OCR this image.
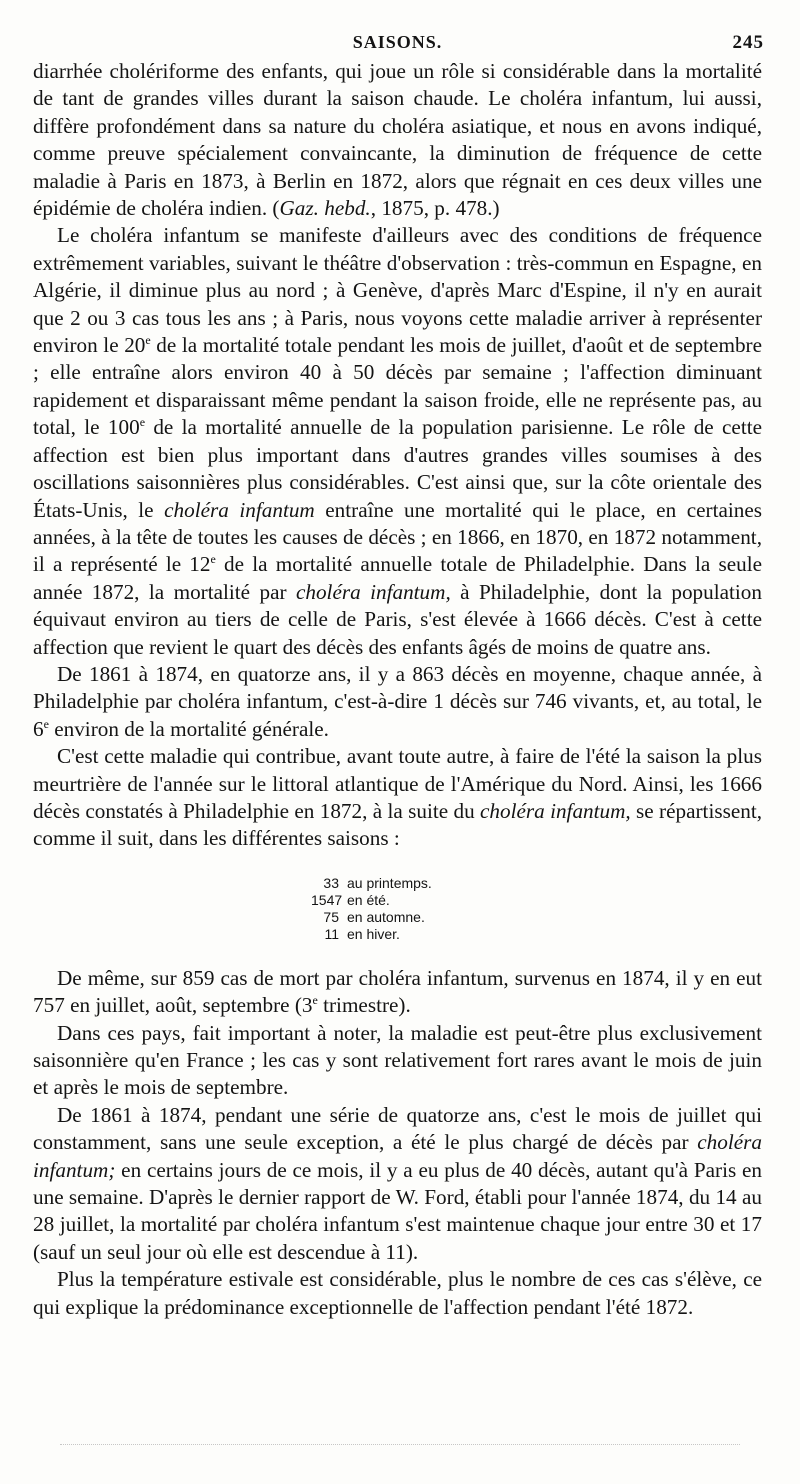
SAISONS.	245

diarrhée cholériforme des enfants, qui joue un rôle si considérable dans la mortalité de tant de grandes villes durant la saison chaude. Le choléra infantum, lui aussi, diffère profondément dans sa nature du choléra asiatique, et nous en avons indiqué, comme preuve spécialement convaincante, la diminution de fréquence de cette maladie à Paris en 1873, à Berlin en 1872, alors que régnait en ces deux villes une épidémie de choléra indien. (Gaz. hebd., 1875, p. 478.)

Le choléra infantum se manifeste d'ailleurs avec des conditions de fréquence extrêmement variables, suivant le théâtre d'observation : très-commun en Espagne, en Algérie, il diminue plus au nord ; à Genève, d'après Marc d'Espine, il n'y en aurait que 2 ou 3 cas tous les ans ; à Paris, nous voyons cette maladie arriver à représenter environ le 20e de la mortalité totale pendant les mois de juillet, d'août et de septembre ; elle entraîne alors environ 40 à 50 décès par semaine ; l'affection diminuant rapidement et disparaissant même pendant la saison froide, elle ne représente pas, au total, le 100e de la mortalité annuelle de la population parisienne. Le rôle de cette affection est bien plus important dans d'autres grandes villes soumises à des oscillations saisonnières plus considérables. C'est ainsi que, sur la côte orientale des États-Unis, le choléra infantum entraîne une mortalité qui le place, en certaines années, à la tête de toutes les causes de décès ; en 1866, en 1870, en 1872 notamment, il a représenté le 12e de la mortalité annuelle totale de Philadelphie. Dans la seule année 1872, la mortalité par choléra infantum, à Philadelphie, dont la population équivaut environ au tiers de celle de Paris, s'est élevée à 1666 décès. C'est à cette affection que revient le quart des décès des enfants âgés de moins de quatre ans.

De 1861 à 1874, en quatorze ans, il y a 863 décès en moyenne, chaque année, à Philadelphie par choléra infantum, c'est-à-dire 1 décès sur 746 vivants, et, au total, le 6e environ de la mortalité générale.

C'est cette maladie qui contribue, avant toute autre, à faire de l'été la saison la plus meurtrière de l'année sur le littoral atlantique de l'Amérique du Nord. Ainsi, les 1666 décès constatés à Philadelphie en 1872, à la suite du choléra infantum, se répartissent, comme il suit, dans les différentes saisons :

33 au printemps.
1547 en été.
75 en automne.
11 en hiver.

De même, sur 859 cas de mort par choléra infantum, survenus en 1874, il y en eut 757 en juillet, août, septembre (3e trimestre).

Dans ces pays, fait important à noter, la maladie est peut-être plus exclusivement saisonnière qu'en France ; les cas y sont relativement fort rares avant le mois de juin et après le mois de septembre.

De 1861 à 1874, pendant une série de quatorze ans, c'est le mois de juillet qui constamment, sans une seule exception, a été le plus chargé de décès par choléra infantum; en certains jours de ce mois, il y a eu plus de 40 décès, autant qu'à Paris en une semaine. D'après le dernier rapport de W. Ford, établi pour l'année 1874, du 14 au 28 juillet, la mortalité par choléra infantum s'est maintenue chaque jour entre 30 et 17 (sauf un seul jour où elle est descendue à 11).

Plus la température estivale est considérable, plus le nombre de ces cas s'élève, ce qui explique la prédominance exceptionnelle de l'affection pendant l'été 1872.
